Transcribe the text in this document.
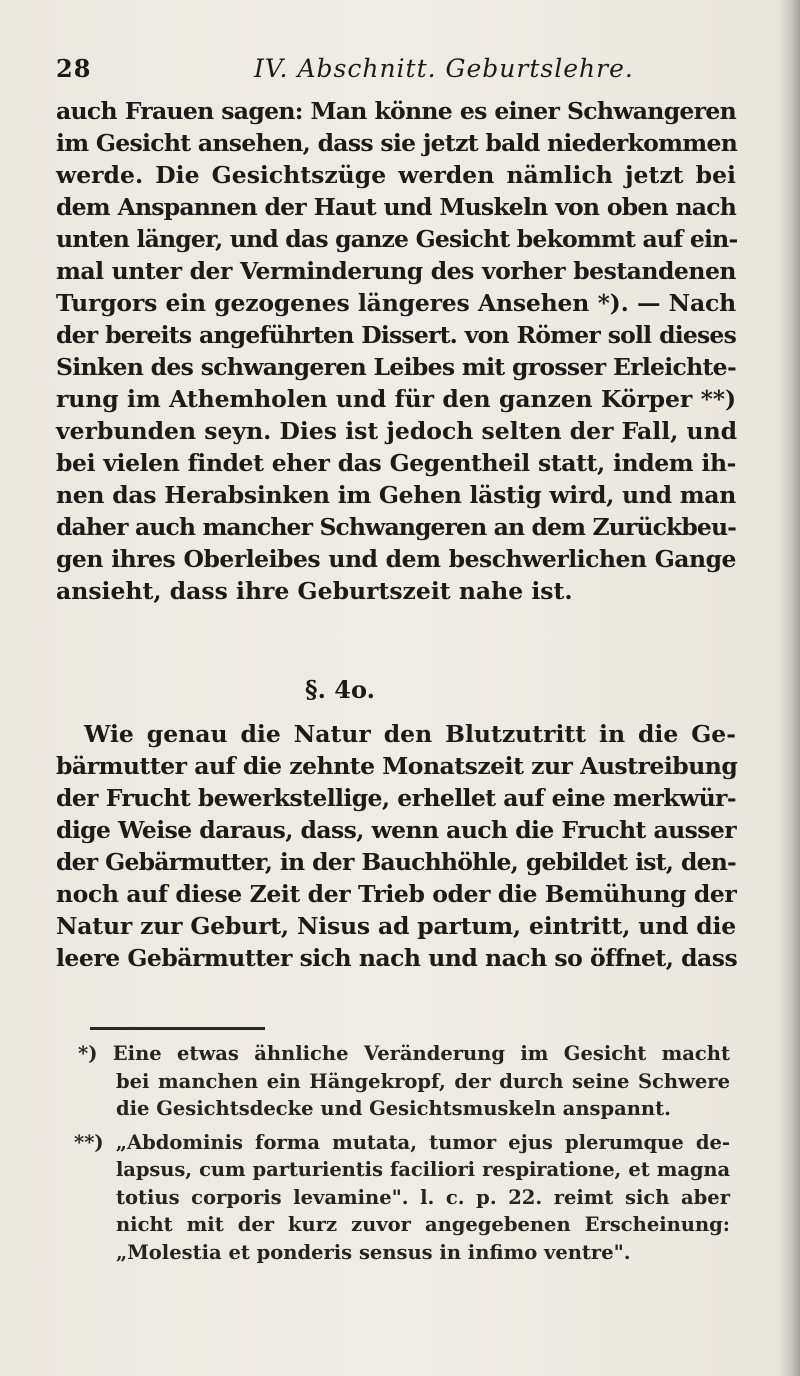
28	IV. Abschnitt. Geburtslehre.
auch Frauen sagen: Man könne es einer Schwangeren
im Gesicht ansehen, dass sie jetzt bald niederkommen
werde. Die Gesichtszüge werden nämlich jetzt bei
dem Anspannen der Haut und Muskeln von oben nach
unten länger, und das ganze Gesicht bekommt auf ein-
mal unter der Verminderung des vorher bestandenen
Turgors ein gezogenes längeres Ansehen *). — Nach
der bereits angeführten Dissert. von Römer soll dieses
Sinken des schwangeren Leibes mit grosser Erleichte-
rung im Athemholen und für den ganzen Körper **)
verbunden seyn. Dies ist jedoch selten der Fall, und
bei vielen findet eher das Gegentheil statt, indem ih-
nen das Herabsinken im Gehen lästig wird, und man
daher auch mancher Schwangeren an dem Zurückbeu-
gen ihres Oberleibes und dem beschwerlichen Gange
ansieht, dass ihre Geburtszeit nahe ist.
§. 4o.
Wie genau die Natur den Blutzutritt in die Ge-
bärmutter auf die zehnte Monatszeit zur Austreibung
der Frucht bewerkstellige, erhellet auf eine merkwür-
dige Weise daraus, dass, wenn auch die Frucht ausser
der Gebärmutter, in der Bauchhöhle, gebildet ist, den-
noch auf diese Zeit der Trieb oder die Bemühung der
Natur zur Geburt, Nisus ad partum, eintritt, und die
leere Gebärmutter sich nach und nach so öffnet, dass
*) Eine etwas ähnliche Veränderung im Gesicht macht
bei manchen ein Hängekropf, der durch seine Schwere
die Gesichtsdecke und Gesichtsmuskeln anspannt.
**) „Abdominis forma mutata, tumor ejus plerumque de-
lapsus, cum parturientis faciliori respiratione, et magna
totius corporis levamine". l. c. p. 22. reimt sich aber
nicht mit der kurz zuvor angegebenen Erscheinung:
„Molestia et ponderis sensus in infimo ventre".
